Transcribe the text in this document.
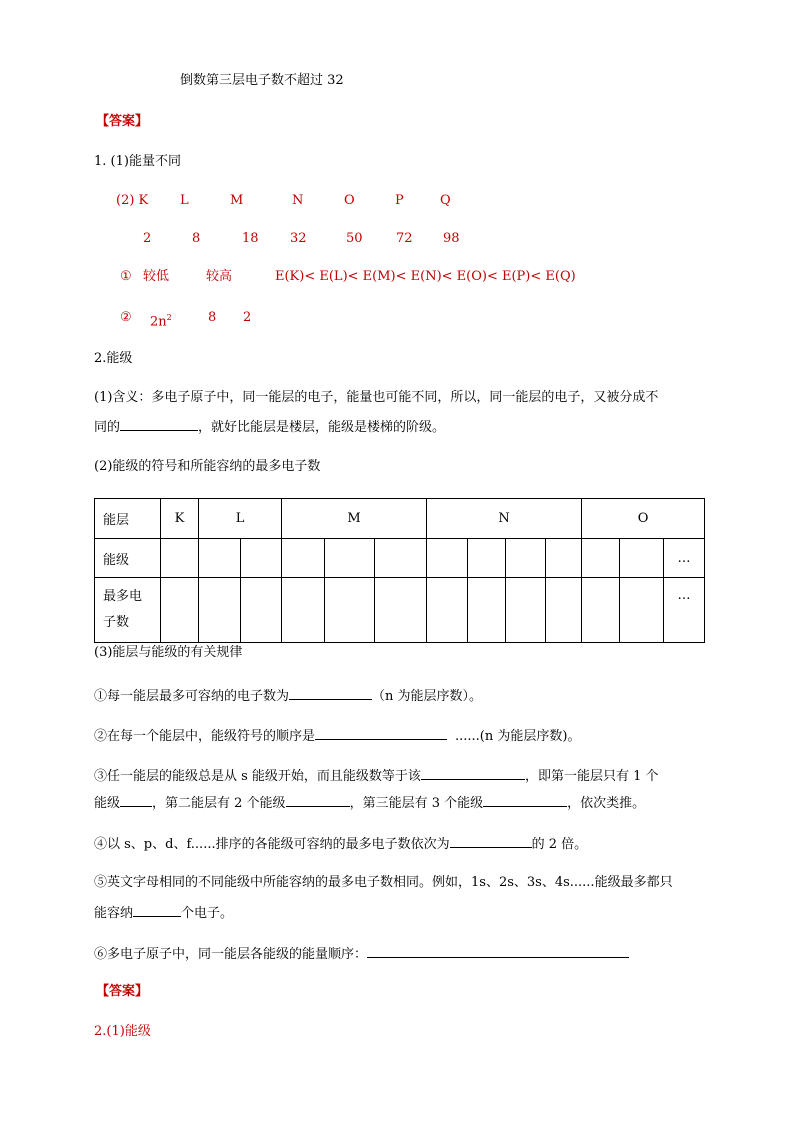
倒数第三层电子数不超过 32
【答案】
1. (1)能量不同
(2) K L	M	N	O	P	Q
2	8	18 32	50	72 98
① 较低	较高	E(K)< E(L)< E(M)< E(N)< E(O)< E(P)< E(Q)
② $2n^2$	8 2
2.能级
(1)含义：多电子原子中，同一能层的电子，能量也可能不同，所以，同一能层的电子，又被分成不
同的	，就好比能层是楼层，能级是楼梯的阶级。
(2)能级的符号和所能容纳的最多电子数
能层	K	L		M			N				O		
能级													…
最多电
子数													…
(3)能层与能级的有关规律
①每一能层最多可容纳的电子数为	（n 为能层序数）。
②在每一个能层中，能级符号的顺序是	......(n 为能层序数)。
③任一能层的能级总是从 s 能级开始，而且能级数等于该	，即第一能层只有 1 个
能级 ，第二能层有 2 个能级	，第三能层有 3 个能级	，依次类推。
④以 s、p、d、f......排序的各能级可容纳的最多电子数依次为	的 2 倍。
⑤英文字母相同的不同能级中所能容纳的最多电子数相同。例如，1s、2s、3s、4s......能级最多都只
能容纳	个电子。
⑥多电子原子中，同一能层各能级的能量顺序：
【答案】
2.(1)能级
